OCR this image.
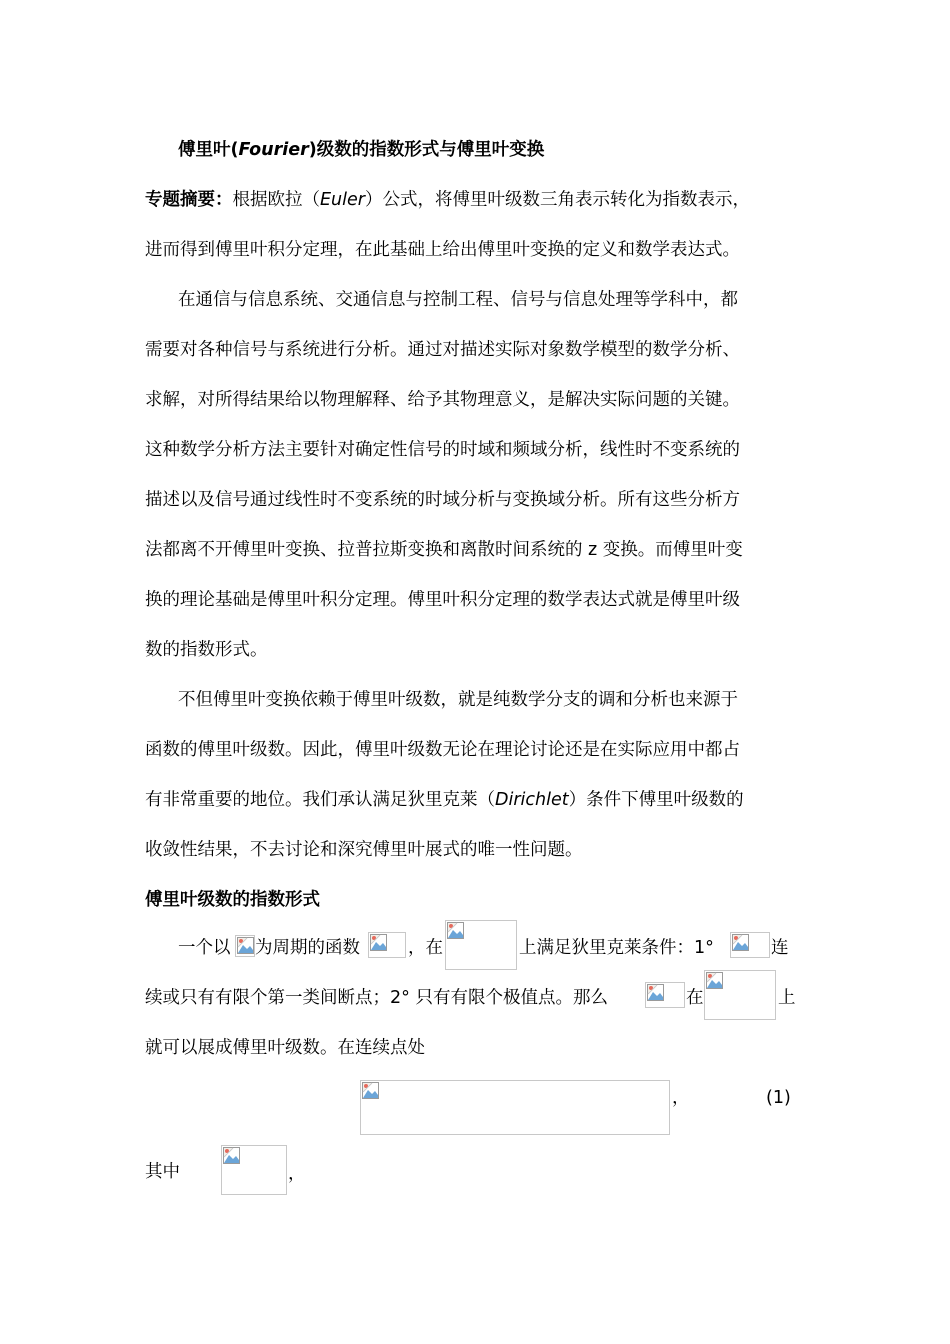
傅里叶(Fourier)级数的指数形式与傅里叶变换
专题摘要：根据欧拉（Euler）公式，将傅里叶级数三角表示转化为指数表示，
进而得到傅里叶积分定理，在此基础上给出傅里叶变换的定义和数学表达式。
在通信与信息系统、交通信息与控制工程、信号与信息处理等学科中，都
需要对各种信号与系统进行分析。通过对描述实际对象数学模型的数学分析、
求解，对所得结果给以物理解释、给予其物理意义，是解决实际问题的关键。
这种数学分析方法主要针对确定性信号的时域和频域分析，线性时不变系统的
描述以及信号通过线性时不变系统的时域分析与变换域分析。所有这些分析方
法都离不开傅里叶变换、拉普拉斯变换和离散时间系统的 z 变换。而傅里叶变
换的理论基础是傅里叶积分定理。傅里叶积分定理的数学表达式就是傅里叶级
数的指数形式。
不但傅里叶变换依赖于傅里叶级数，就是纯数学分支的调和分析也来源于
函数的傅里叶级数。因此，傅里叶级数无论在理论讨论还是在实际应用中都占
有非常重要的地位。我们承认满足狄里克莱（Dirichlet）条件下傅里叶级数的
收敛性结果，不去讨论和深究傅里叶展式的唯一性问题。
傅里叶级数的指数形式
一个以 为周期的函数	，在	上满足狄里克莱条件：1°	连
续或只有有限个第一类间断点；2° 只有有限个极值点。那么	在	上
就可以展成傅里叶级数。在连续点处
，	(1)
其中	，
